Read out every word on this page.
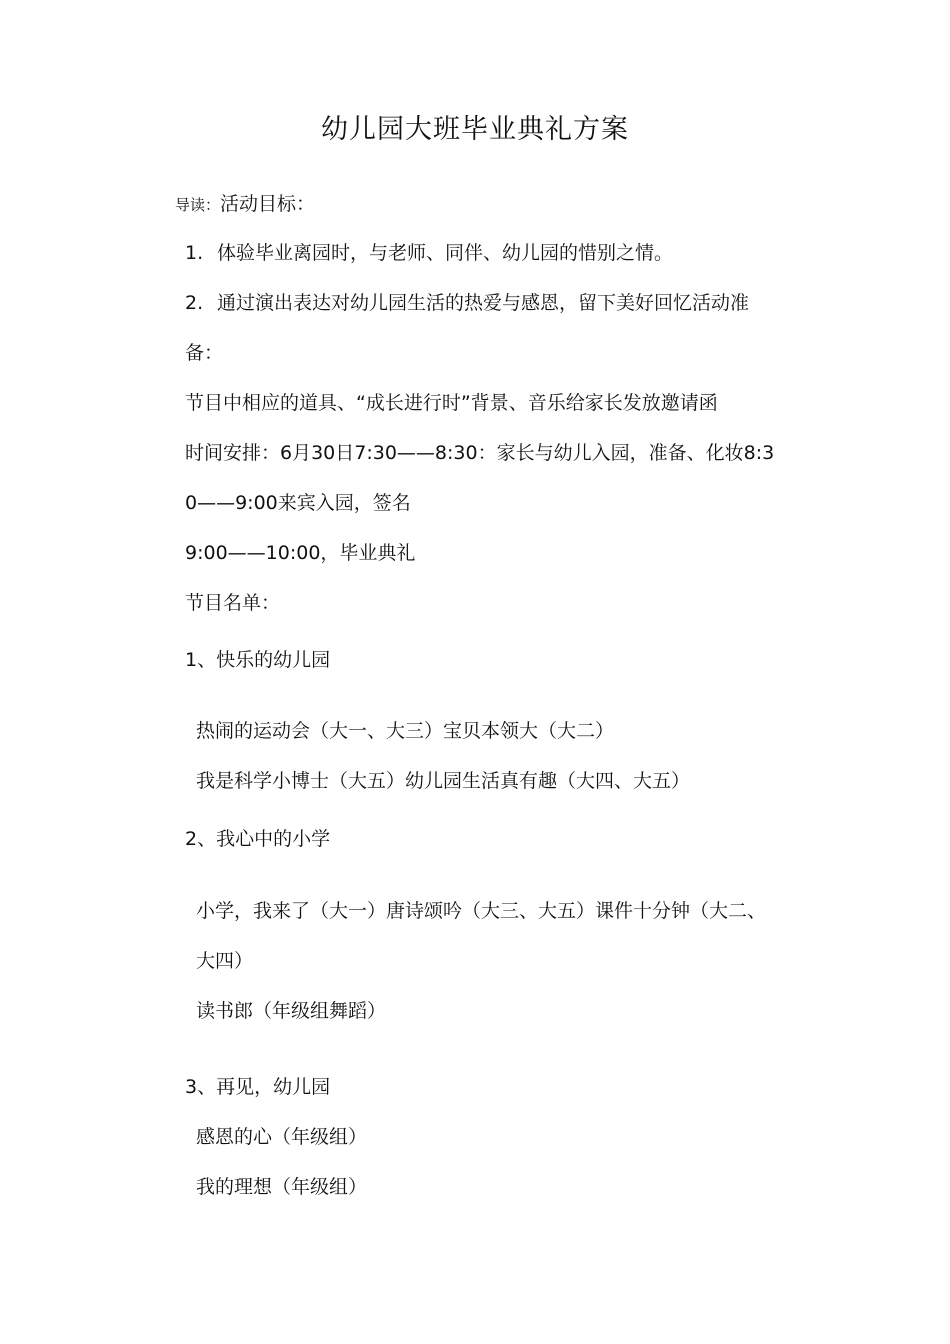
幼儿园大班毕业典礼方案
导读：活动目标：
1. 体验毕业离园时，与老师、同伴、幼儿园的惜别之情。
2. 通过演出表达对幼儿园生活的热爱与感恩，留下美好回忆活动准
备：
节目中相应的道具、“成长进行时”背景、音乐给家长发放邀请函
时间安排：6月30日7:30——8:30：家长与幼儿入园，准备、化妆8:3
0——9:00来宾入园，签名
9:00——10:00，毕业典礼
节目名单：
1、快乐的幼儿园
热闹的运动会（大一、大三）宝贝本领大（大二）
我是科学小博士（大五）幼儿园生活真有趣（大四、大五）
2、我心中的小学
小学，我来了（大一）唐诗颂吟（大三、大五）课件十分钟（大二、
大四）
读书郎（年级组舞蹈）
3、再见，幼儿园
感恩的心（年级组）
我的理想（年级组）
